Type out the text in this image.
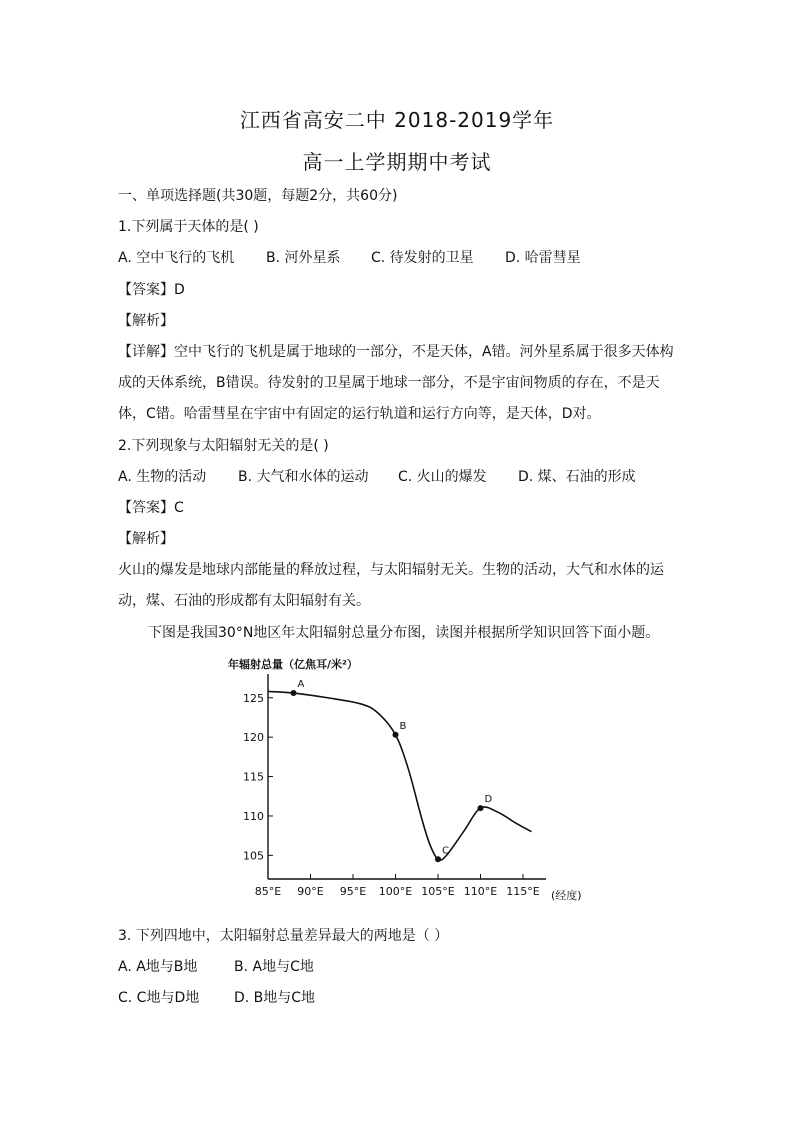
江西省高安二中 2018-2019学年
高一上学期期中考试
一、单项选择题(共30题，每题2分，共60分)
1.下列属于天体的是( )
A. 空中飞行的飞机 B. 河外星系 C. 待发射的卫星 D. 哈雷彗星
【答案】D
【解析】
【详解】空中飞行的飞机是属于地球的一部分，不是天体，A错。河外星系属于很多天体构成的天体系统，B错误。待发射的卫星属于地球一部分，不是宇宙间物质的存在，不是天体，C错。哈雷彗星在宇宙中有固定的运行轨道和运行方向等，是天体，D对。
2.下列现象与太阳辐射无关的是( )
A. 生物的活动 B. 大气和水体的运动 C. 火山的爆发 D. 煤、石油的形成
【答案】C
【解析】
火山的爆发是地球内部能量的释放过程，与太阳辐射无关。生物的活动，大气和水体的运动，煤、石油的形成都有太阳辐射有关。
下图是我国30°N地区年太阳辐射总量分布图，读图并根据所学知识回答下面小题。
年辐射总量（亿焦耳/米²）
105
110
115
120
125
85°E 90°E 95°E 100°E 105°E 110°E 115°E
A
B
C
D
(经度)
3. 下列四地中，太阳辐射总量差异最大的两地是（ ）
A. A地与B地	B. A地与C地
C. C地与D地 D. B地与C地
